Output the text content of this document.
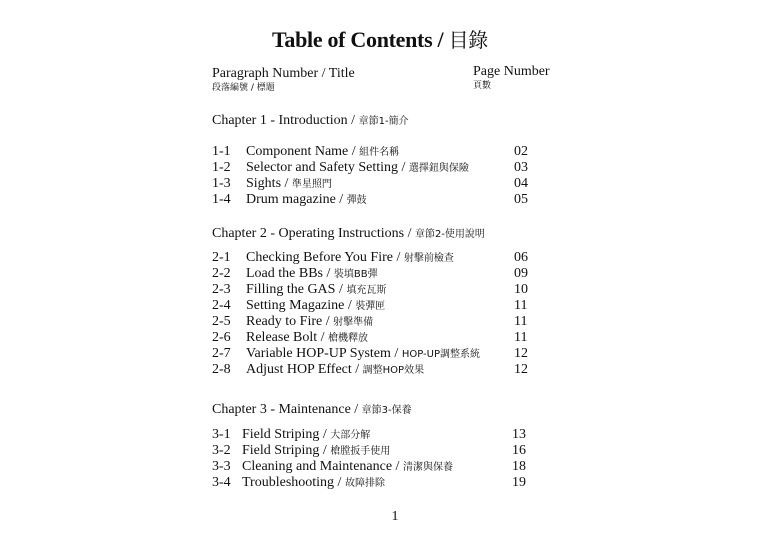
Table of Contents / 目錄
Paragraph Number / Title
段落編號 / 標題
Page Number
頁數
Chapter 1 - Introduction / 章節1-簡介
1-1 Component Name / 組件名稱	02
1-2 Selector and Safety Setting / 選擇鈕與保險	03
1-3 Sights / 準星照門	04
1-4 Drum magazine / 彈鼓	05
Chapter 2 - Operating Instructions / 章節2-使用說明
2-1 Checking Before You Fire / 射擊前檢查	06
2-2 Load the BBs / 裝填BB彈	09
2-3 Filling the GAS / 填充瓦斯	10
2-4 Setting Magazine / 裝彈匣	11
2-5 Ready to Fire / 射擊準備	11
2-6 Release Bolt / 槍機釋放	11
2-7 Variable HOP-UP System / HOP-UP調整系統 12
2-8 Adjust HOP Effect / 調整HOP效果	12
Chapter 3 - Maintenance / 章節3-保養
3-1 Field Striping / 大部分解	13
3-2 Field Striping / 槍膛扳手使用	16
3-3 Cleaning and Maintenance / 清潔與保養	18
3-4 Troubleshooting / 故障排除	19
1
